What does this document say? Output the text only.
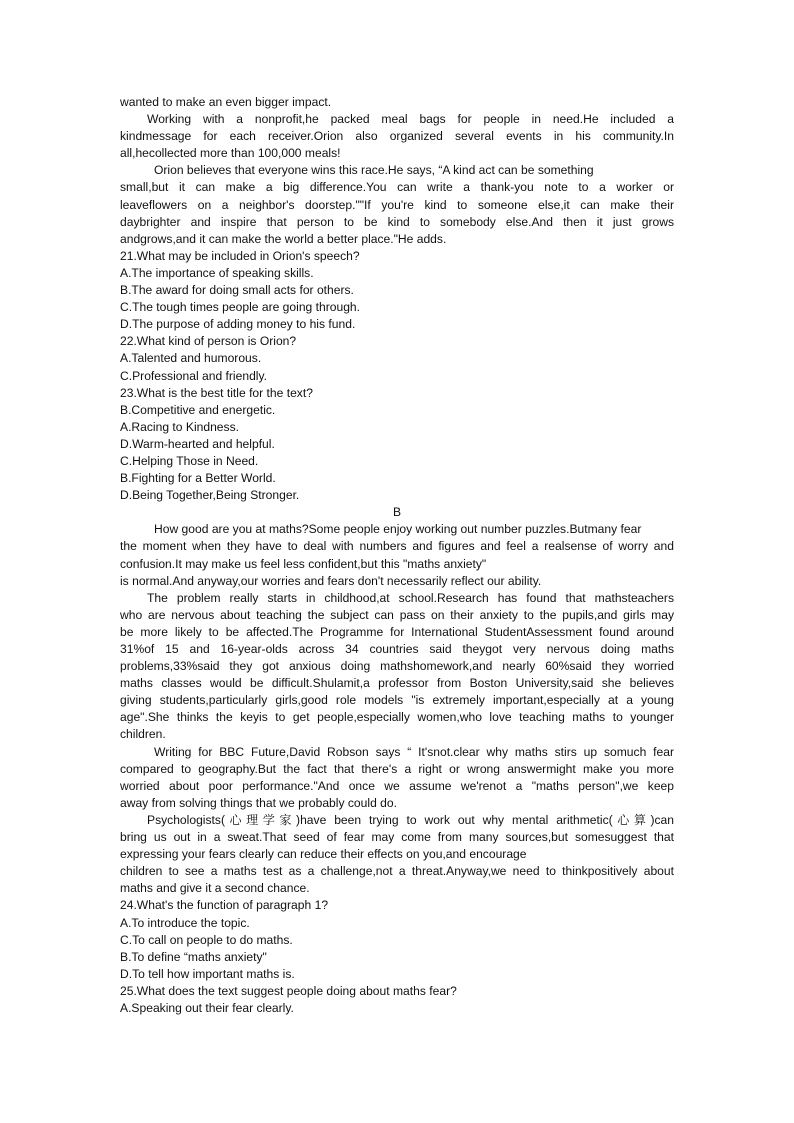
wanted to make an even bigger impact.
Working with a nonprofit,he packed meal bags for people in need.He included a
kindmessage for each receiver.Orion also organized several events in his community.In
all,hecollected more than 100,000 meals!
Orion believes that everyone wins this race.He says, “A kind act can be something
small,but it can make a big difference.You can write a thank-you note to a worker or
leaveflowers on a neighbor's doorstep.""If you're kind to someone else,it can make their
daybrighter and inspire that person to be kind to somebody else.And then it just grows
andgrows,and it can make the world a better place."He adds.
21.What may be included in Orion's speech?
A.The importance of speaking skills.
B.The award for doing small acts for others.
C.The tough times people are going through.
D.The purpose of adding money to his fund.
22.What kind of person is Orion?
A.Talented and humorous.
C.Professional and friendly.
23.What is the best title for the text?
B.Competitive and energetic.
A.Racing to Kindness.
D.Warm-hearted and helpful.
C.Helping Those in Need.
B.Fighting for a Better World.
D.Being Together,Being Stronger.
B
How good are you at maths?Some people enjoy working out number puzzles.Butmany fear
the moment when they have to deal with numbers and figures and feel a realsense of worry and
confusion.It may make us feel less confident,but this "maths anxiety"
is normal.And anyway,our worries and fears don't necessarily reflect our ability.
The problem really starts in childhood,at school.Research has found that mathsteachers
who are nervous about teaching the subject can pass on their anxiety to the pupils,and girls may
be more likely to be affected.The Programme for International StudentAssessment found around
31%of 15 and 16-year-olds across 34 countries said theygot very nervous doing maths
problems,33%said they got anxious doing mathshomework,and nearly 60%said they worried
maths classes would be difficult.Shulamit,a professor from Boston University,said she believes
giving students,particularly girls,good role models "is extremely important,especially at a young
age".She thinks the keyis to get people,especially women,who love teaching maths to younger
children.
Writing for BBC Future,David Robson says “ It'snot.clear why maths stirs up somuch fear
compared to geography.But the fact that there's a right or wrong answermight make you more
worried about poor performance."And once we assume we'renot a "maths person",we keep
away from solving things that we probably could do.
Psychologists(心理学家)have been trying to work out why mental arithmetic(心算)can
bring us out in a sweat.That seed of fear may come from many sources,but somesuggest that
expressing your fears clearly can reduce their effects on you,and encourage
children to see a maths test as a challenge,not a threat.Anyway,we need to thinkpositively about
maths and give it a second chance.
24.What's the function of paragraph 1?
A.To introduce the topic.
C.To call on people to do maths.
B.To define “maths anxiety"
D.To tell how important maths is.
25.What does the text suggest people doing about maths fear?
A.Speaking out their fear clearly.
